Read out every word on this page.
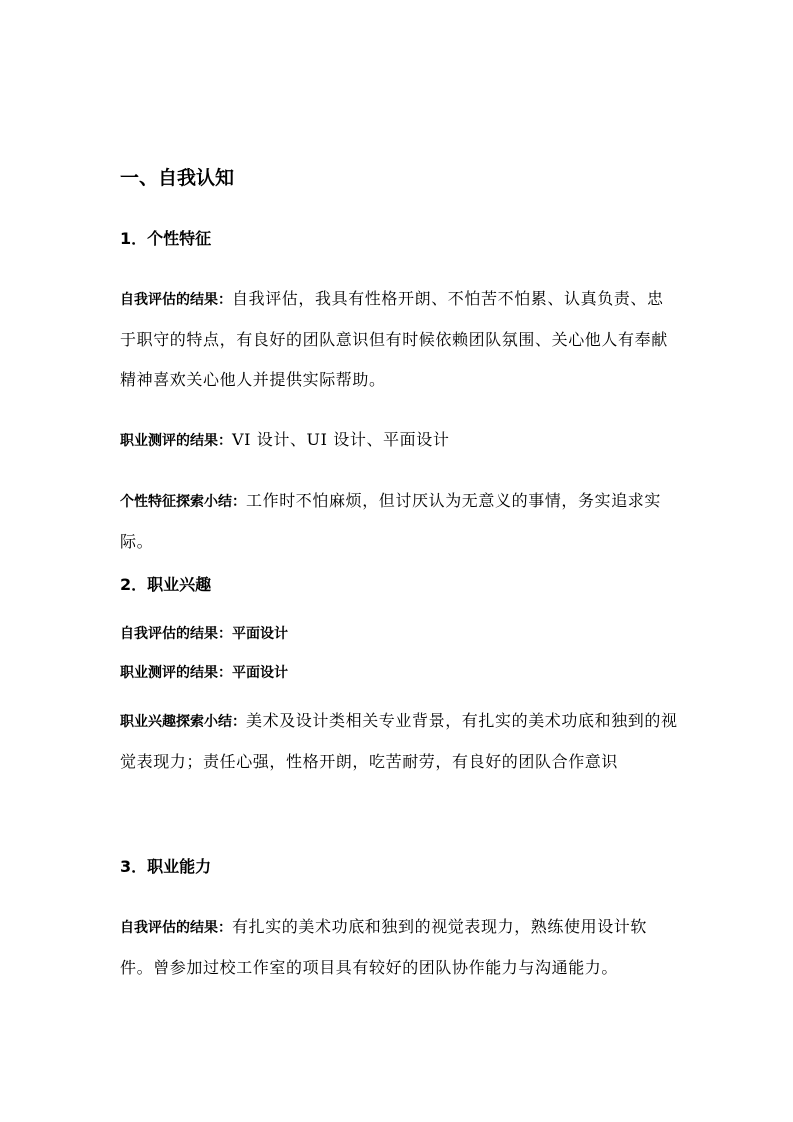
一、自我认知
1．个性特征
自我评估的结果：自我评估，我具有性格开朗、不怕苦不怕累、认真负责、忠于职守的特点，有良好的团队意识但有时候依赖团队氛围、关心他人有奉献精神喜欢关心他人并提供实际帮助。
职业测评的结果：VI 设计、UI 设计、平面设计
个性特征探索小结：工作时不怕麻烦，但讨厌认为无意义的事情，务实追求实际。
2．职业兴趣
自我评估的结果：平面设计
职业测评的结果：平面设计
职业兴趣探索小结：美术及设计类相关专业背景，有扎实的美术功底和独到的视觉表现力；责任心强，性格开朗，吃苦耐劳，有良好的团队合作意识
3．职业能力
自我评估的结果：有扎实的美术功底和独到的视觉表现力，熟练使用设计软件。曾参加过校工作室的项目具有较好的团队协作能力与沟通能力。
